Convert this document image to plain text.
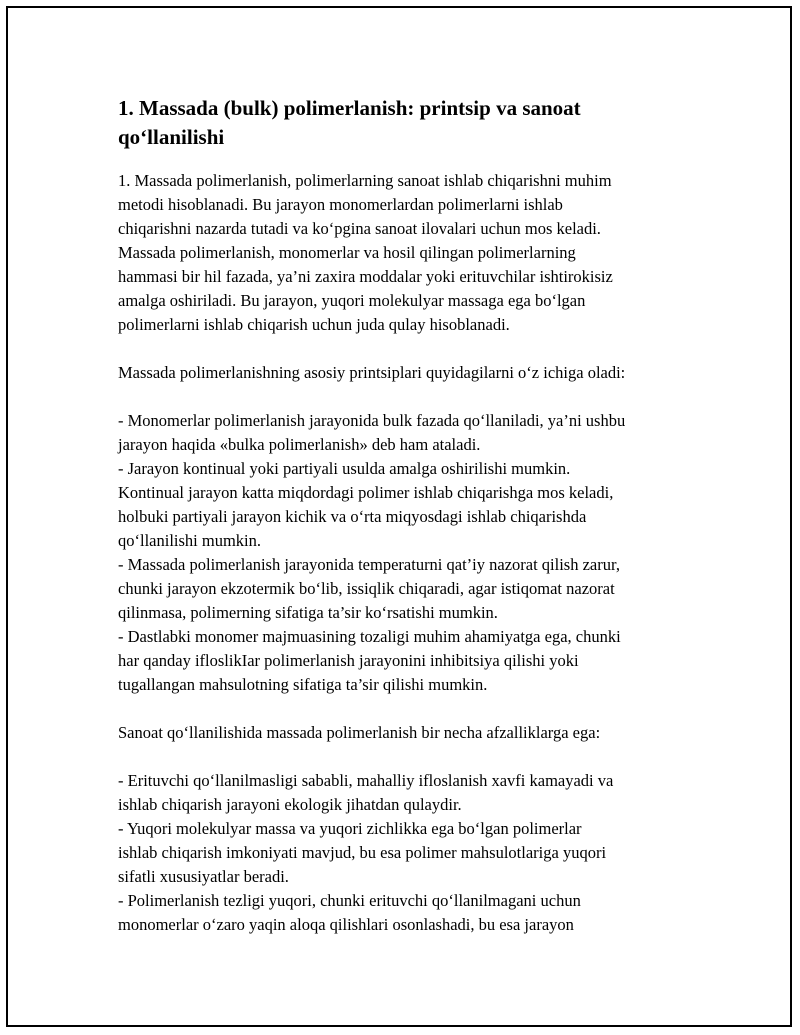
1. Massada (bulk) polimerlanish: printsip va sanoat
qo‘llanilishi

1. Massada polimerlanish, polimerlarning sanoat ishlab chiqarishni muhim
metodi hisoblanadi. Bu jarayon monomerlardan polimerlarni ishlab
chiqarishni nazarda tutadi va ko‘pgina sanoat ilovalari uchun mos keladi.
Massada polimerlanish, monomerlar va hosil qilingan polimerlarning
hammasi bir hil fazada, ya’ni zaxira moddalar yoki erituvchilar ishtirokisiz
amalga oshiriladi. Bu jarayon, yuqori molekulyar massaga ega bo‘lgan
polimerlarni ishlab chiqarish uchun juda qulay hisoblanadi.

Massada polimerlanishning asosiy printsiplari quyidagilarni o‘z ichiga oladi:

- Monomerlar polimerlanish jarayonida bulk fazada qo‘llaniladi, ya’ni ushbu
jarayon haqida «bulka polimerlanish» deb ham ataladi.
- Jarayon kontinual yoki partiyali usulda amalga oshirilishi mumkin.
Kontinual jarayon katta miqdordagi polimer ishlab chiqarishga mos keladi,
holbuki partiyali jarayon kichik va o‘rta miqyosdagi ishlab chiqarishda
qo‘llanilishi mumkin.
- Massada polimerlanish jarayonida temperaturni qat’iy nazorat qilish zarur,
chunki jarayon ekzotermik bo‘lib, issiqlik chiqaradi, agar istiqomat nazorat
qilinmasa, polimerning sifatiga ta’sir ko‘rsatishi mumkin.
- Dastlabki monomer majmuasining tozaligi muhim ahamiyatga ega, chunki
har qanday ifloslikIar polimerlanish jarayonini inhibitsiya qilishi yoki
tugallangan mahsulotning sifatiga ta’sir qilishi mumkin.

Sanoat qo‘llanilishida massada polimerlanish bir necha afzalliklarga ega:

- Erituvchi qo‘llanilmasligi sababli, mahalliy ifloslanish xavfi kamayadi va
ishlab chiqarish jarayoni ekologik jihatdan qulaydir.
- Yuqori molekulyar massa va yuqori zichlikka ega bo‘lgan polimerlar
ishlab chiqarish imkoniyati mavjud, bu esa polimer mahsulotlariga yuqori
sifatli xususiyatlar beradi.
- Polimerlanish tezligi yuqori, chunki erituvchi qo‘llanilmagani uchun
monomerlar o‘zaro yaqin aloqa qilishlari osonlashadi, bu esa jarayon
